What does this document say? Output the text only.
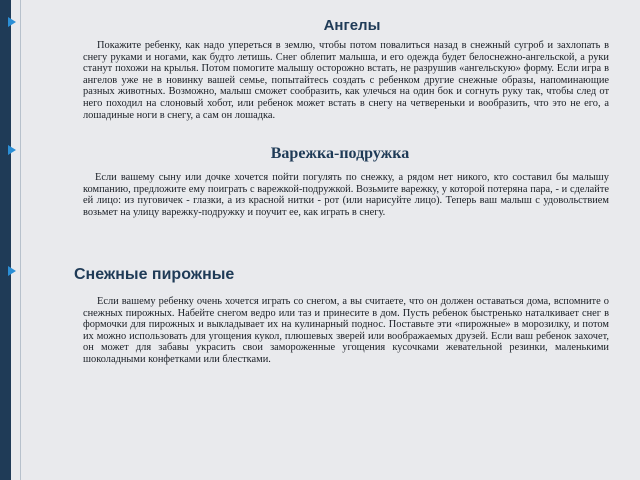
Ангелы

Покажите ребенку, как надо упереться в землю, чтобы потом повалиться назад в снежный сугроб и захлопать в снегу руками и ногами, как будто летишь. Снег облепит малыша, и его одежда будет белоснежно-ангельской, а руки станут похожи на крылья. Потом помогите малышу осторожно встать, не разрушив «ангельскую» форму. Если игра в ангелов уже не в новинку вашей семье, попытайтесь создать с ребенком другие снежные образы, напоминающие разных животных. Возможно, малыш сможет сообразить, как улечься на один бок и согнуть руку так, чтобы след от него походил на слоновый хобот, или ребенок может встать в снегу на четвереньки и вообразить, что это не его, а лошадиные ноги в снегу, а сам он лошадка.

Варежка-подружка

Если вашему сыну или дочке хочется пойти погулять по снежку, а рядом нет никого, кто составил бы малышу компанию, предложите ему поиграть с варежкой-подружкой. Возьмите варежку, у которой потеряна пара, - и сделайте ей лицо: из пуговичек - глазки, а из красной нитки - рот (или нарисуйте лицо). Теперь ваш малыш с удовольствием возьмет на улицу варежку-подружку и поучит ее, как играть в снегу.

Снежные пирожные

Если вашему ребенку очень хочется играть со снегом, а вы считаете, что он должен оставаться дома, вспомните о снежных пирожных. Набейте снегом ведро или таз и принесите в дом. Пусть ребенок быстренько наталкивает снег в формочки для пирожных и выкладывает их на кулинарный поднос. Поставьте эти «пирожные» в морозилку, и потом их можно использовать для угощения кукол, плюшевых зверей или воображаемых друзей. Если ваш ребенок захочет, он может для забавы украсить свои замороженные угощения кусочками жевательной резинки, маленькими шоколадными конфетками или блестками.
